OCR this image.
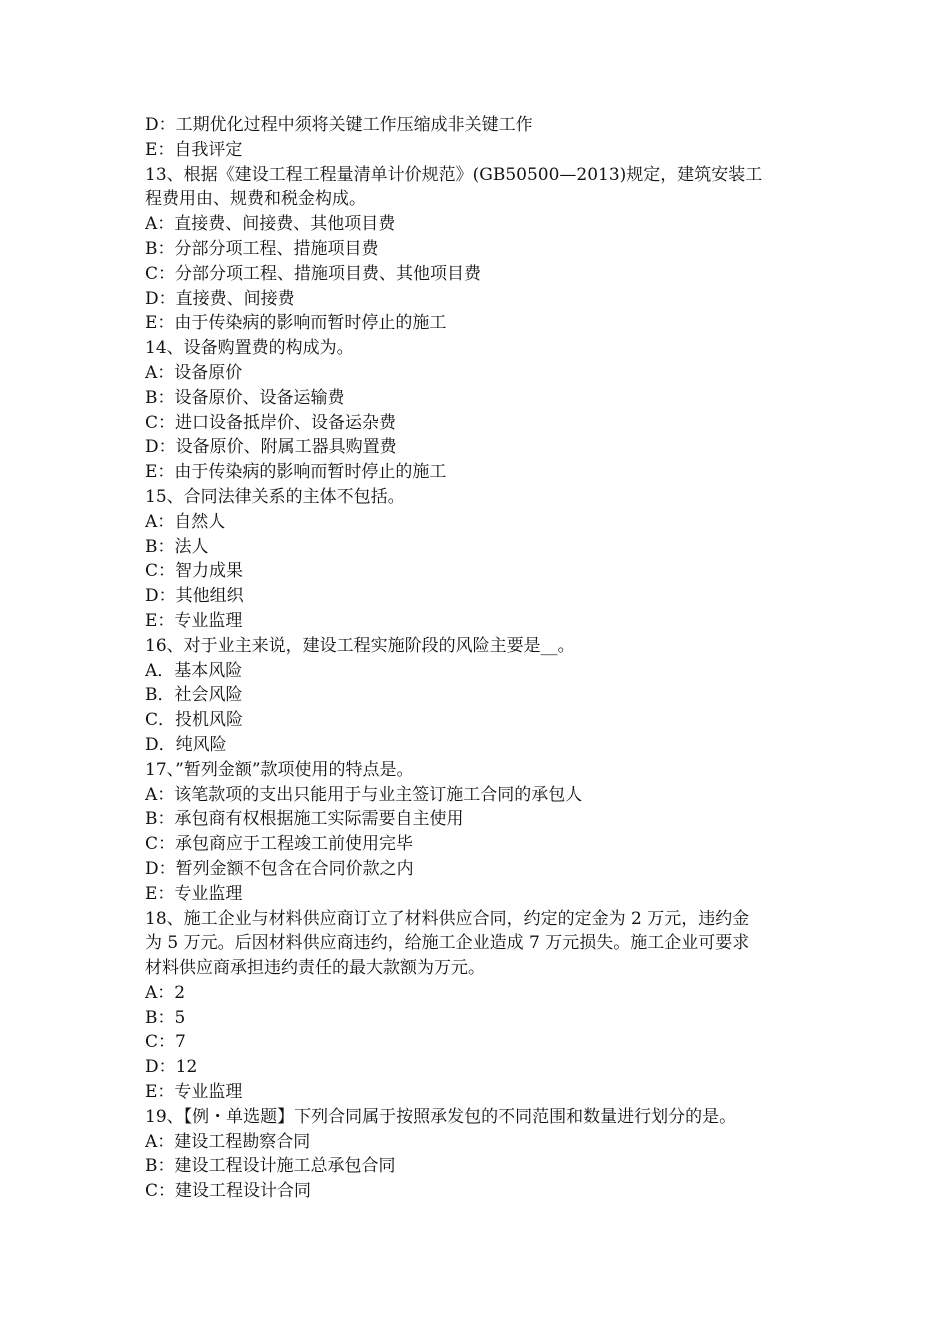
D：工期优化过程中须将关键工作压缩成非关键工作
E：自我评定
13、根据《建设工程工程量清单计价规范》(GB50500—2013)规定，建筑安装工
程费用由、规费和税金构成。
A：直接费、间接费、其他项目费
B：分部分项工程、措施项目费
C：分部分项工程、措施项目费、其他项目费
D：直接费、间接费
E：由于传染病的影响而暂时停止的施工
14、设备购置费的构成为。
A：设备原价
B：设备原价、设备运输费
C：进口设备抵岸价、设备运杂费
D：设备原价、附属工器具购置费
E：由于传染病的影响而暂时停止的施工
15、合同法律关系的主体不包括。
A：自然人
B：法人
C：智力成果
D：其他组织
E：专业监理
16、对于业主来说，建设工程实施阶段的风险主要是__。
A．基本风险
B．社会风险
C．投机风险
D．纯风险
17、”暂列金额”款项使用的特点是。
A：该笔款项的支出只能用于与业主签订施工合同的承包人
B：承包商有权根据施工实际需要自主使用
C：承包商应于工程竣工前使用完毕
D：暂列金额不包含在合同价款之内
E：专业监理
18、施工企业与材料供应商订立了材料供应合同，约定的定金为 2 万元，违约金
为 5 万元。后因材料供应商违约，给施工企业造成 7 万元损失。施工企业可要求
材料供应商承担违约责任的最大款额为万元。
A：2
B：5
C：7
D：12
E：专业监理
19、【例・单选题】下列合同属于按照承发包的不同范围和数量进行划分的是。
A：建设工程勘察合同
B：建设工程设计施工总承包合同
C：建设工程设计合同
